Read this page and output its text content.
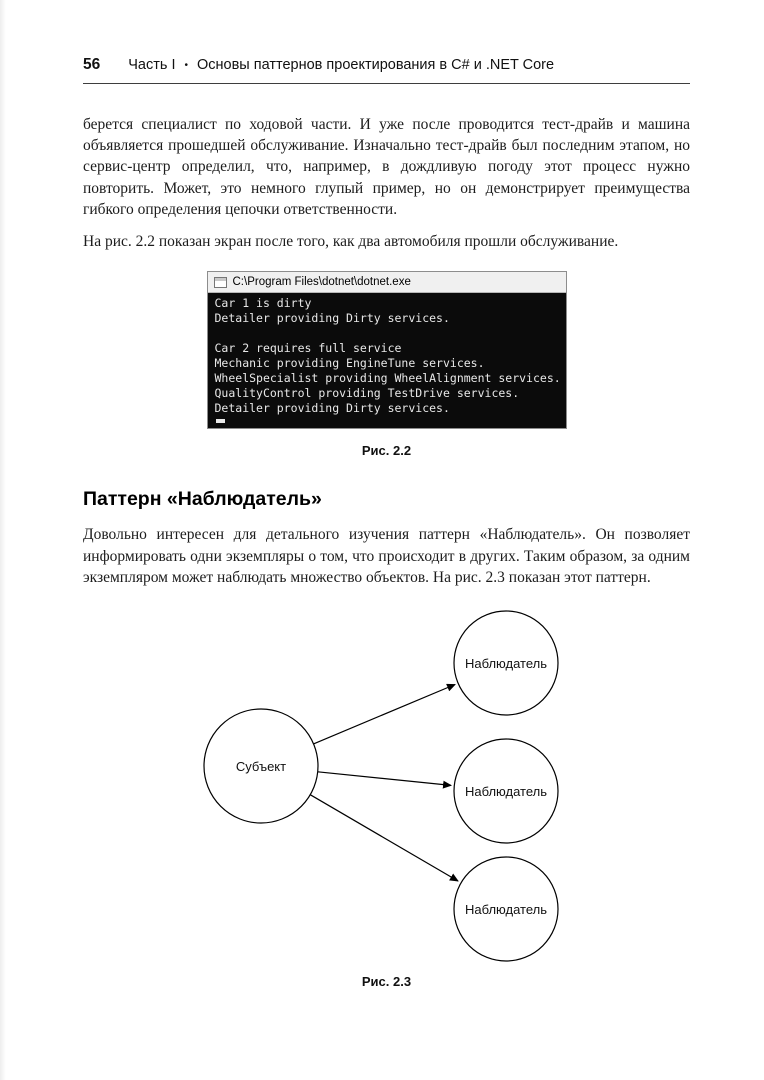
56 Часть I • Основы паттернов проектирования в C# и .NET Core

берется специалист по ходовой части. И уже после проводится тест-драйв и машина объявляется прошедшей обслуживание. Изначально тест-драйв был последним этапом, но сервис-центр определил, что, например, в дождливую погоду этот процесс нужно повторить. Может, это немного глупый пример, но он демонстрирует преимущества гибкого определения цепочки ответственности.

На рис. 2.2 показан экран после того, как два автомобиля прошли обслуживание.

C:\Program Files\dotnet\dotnet.exe
Car 1 is dirty
Detailer providing Dirty services.
Car 2 requires full service
Mechanic providing EngineTune services.
WheelSpecialist providing WheelAlignment services.
QualityControl providing TestDrive services.
Detailer providing Dirty services.
Рис. 2.2
Паттерн «Наблюдатель»

Довольно интересен для детального изучения паттерн «Наблюдатель». Он позволяет информировать одни экземпляры о том, что происходит в других. Таким образом, за одним экземпляром может наблюдать множество объектов. На рис. 2.3 показан этот паттерн.

Субъект
Наблюдатель
Наблюдатель
Наблюдатель
Рис. 2.3
